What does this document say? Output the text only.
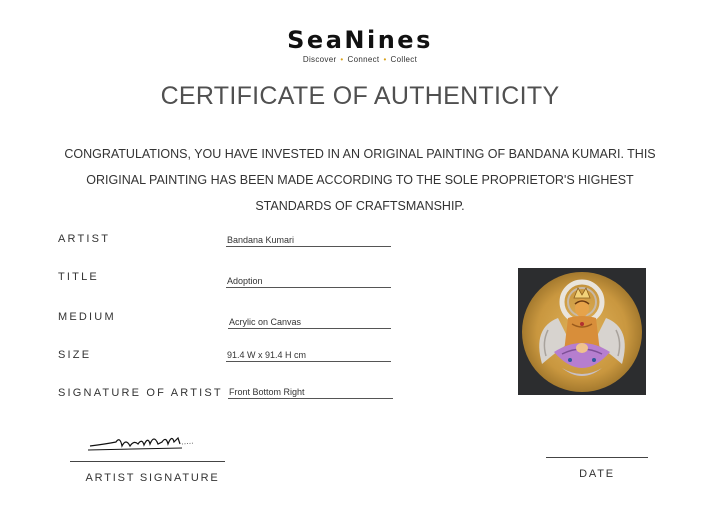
SeaNines
Discover • Connect • Collect
CERTIFICATE OF AUTHENTICITY
CONGRATULATIONS, YOU HAVE INVESTED IN AN ORIGINAL PAINTING OF BANDANA KUMARI. THIS ORIGINAL PAINTING HAS BEEN MADE ACCORDING TO THE SOLE PROPRIETOR'S HIGHEST STANDARDS OF CRAFTSMANSHIP.
ARTIST	Bandana Kumari
TITLE	Adoption
MEDIUM	Acrylic on Canvas
SIZE	91.4 W x 91.4 H cm
SIGNATURE OF ARTIST Front Bottom Right
ARTIST SIGNATURE	DATE
